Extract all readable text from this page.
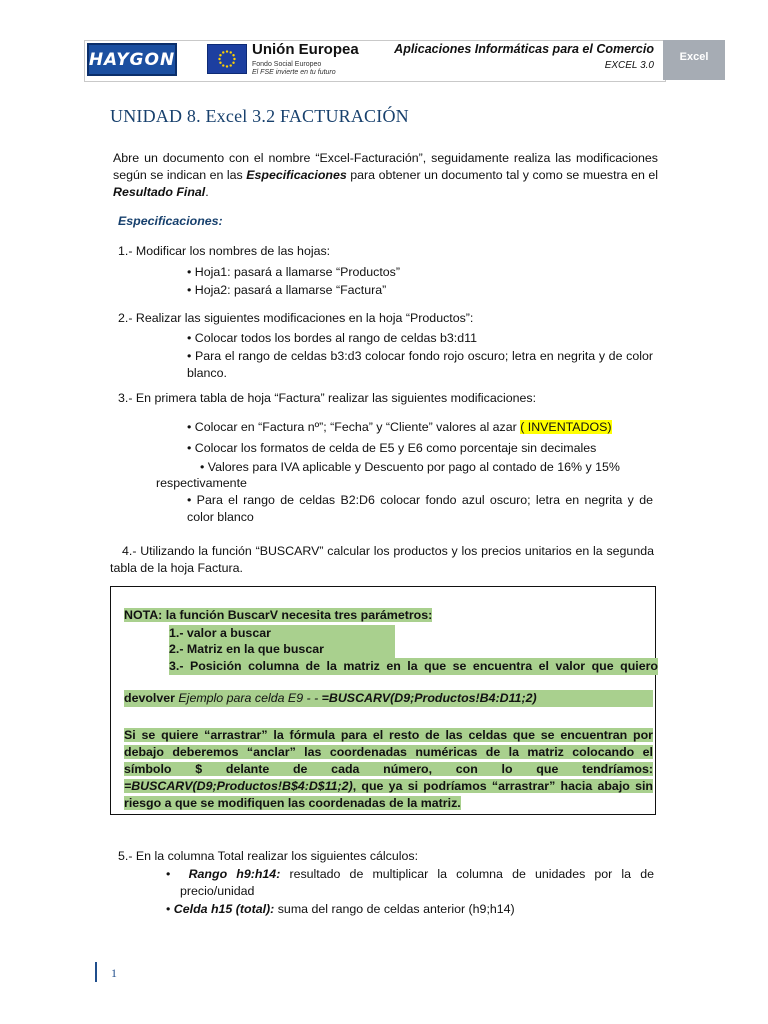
HAYGON	Unión Europea
Fondo Social Europeo
El FSE invierte en tu futuro
Aplicaciones Informáticas para el Comercio
EXCEL 3.0
Excel
UNIDAD 8. Excel 3.2 FACTURACIÓN
Abre un documento con el nombre “Excel-Facturación”, seguidamente realiza las modificaciones según se indican en las Especificaciones para obtener un documento tal y como se muestra en el Resultado Final.
Especificaciones:
1.- Modificar los nombres de las hojas:
• Hoja1: pasará a llamarse “Productos”
• Hoja2: pasará a llamarse “Factura”
2.- Realizar las siguientes modificaciones en la hoja “Productos”:
• Colocar todos los bordes al rango de celdas b3:d11
• Para el rango de celdas b3:d3 colocar fondo rojo oscuro; letra en negrita y de color blanco.
3.- En primera tabla de hoja “Factura” realizar las siguientes modificaciones:
• Colocar en “Factura nº”; “Fecha” y “Cliente” valores al azar ( INVENTADOS)
• Colocar los formatos de celda de E5 y E6 como porcentaje sin decimales
• Valores para IVA aplicable y Descuento por pago al contado de 16% y 15%
respectivamente
• Para el rango de celdas B2:D6 colocar fondo azul oscuro; letra en negrita y de color blanco
4.- Utilizando la función “BUSCARV” calcular los productos y los precios unitarios en la segunda tabla de la hoja Factura.
NOTA: la función BuscarV necesita tres parámetros:
1.- valor a buscar
2.- Matriz en la que buscar
3.- Posición columna de la matriz en la que se encuentra el valor que quiero
devolver Ejemplo para celda E9 - - =BUSCARV(D9;Productos!B4:D11;2)
Si se quiere “arrastrar” la fórmula para el resto de las celdas que se encuentran por debajo deberemos “anclar” las coordenadas numéricas de la matriz colocando el símbolo $ delante de cada número, con lo que tendríamos: =BUSCARV(D9;Productos!B$4:D$11;2), que ya si podríamos “arrastrar” hacia abajo sin riesgo a que se modifiquen las coordenadas de la matriz.
5.- En la columna Total realizar los siguientes cálculos:
•  Rango h9:h14: resultado de multiplicar la columna de unidades por la de precio/unidad
• Celda h15 (total): suma del rango de celdas anterior (h9;h14)
1
